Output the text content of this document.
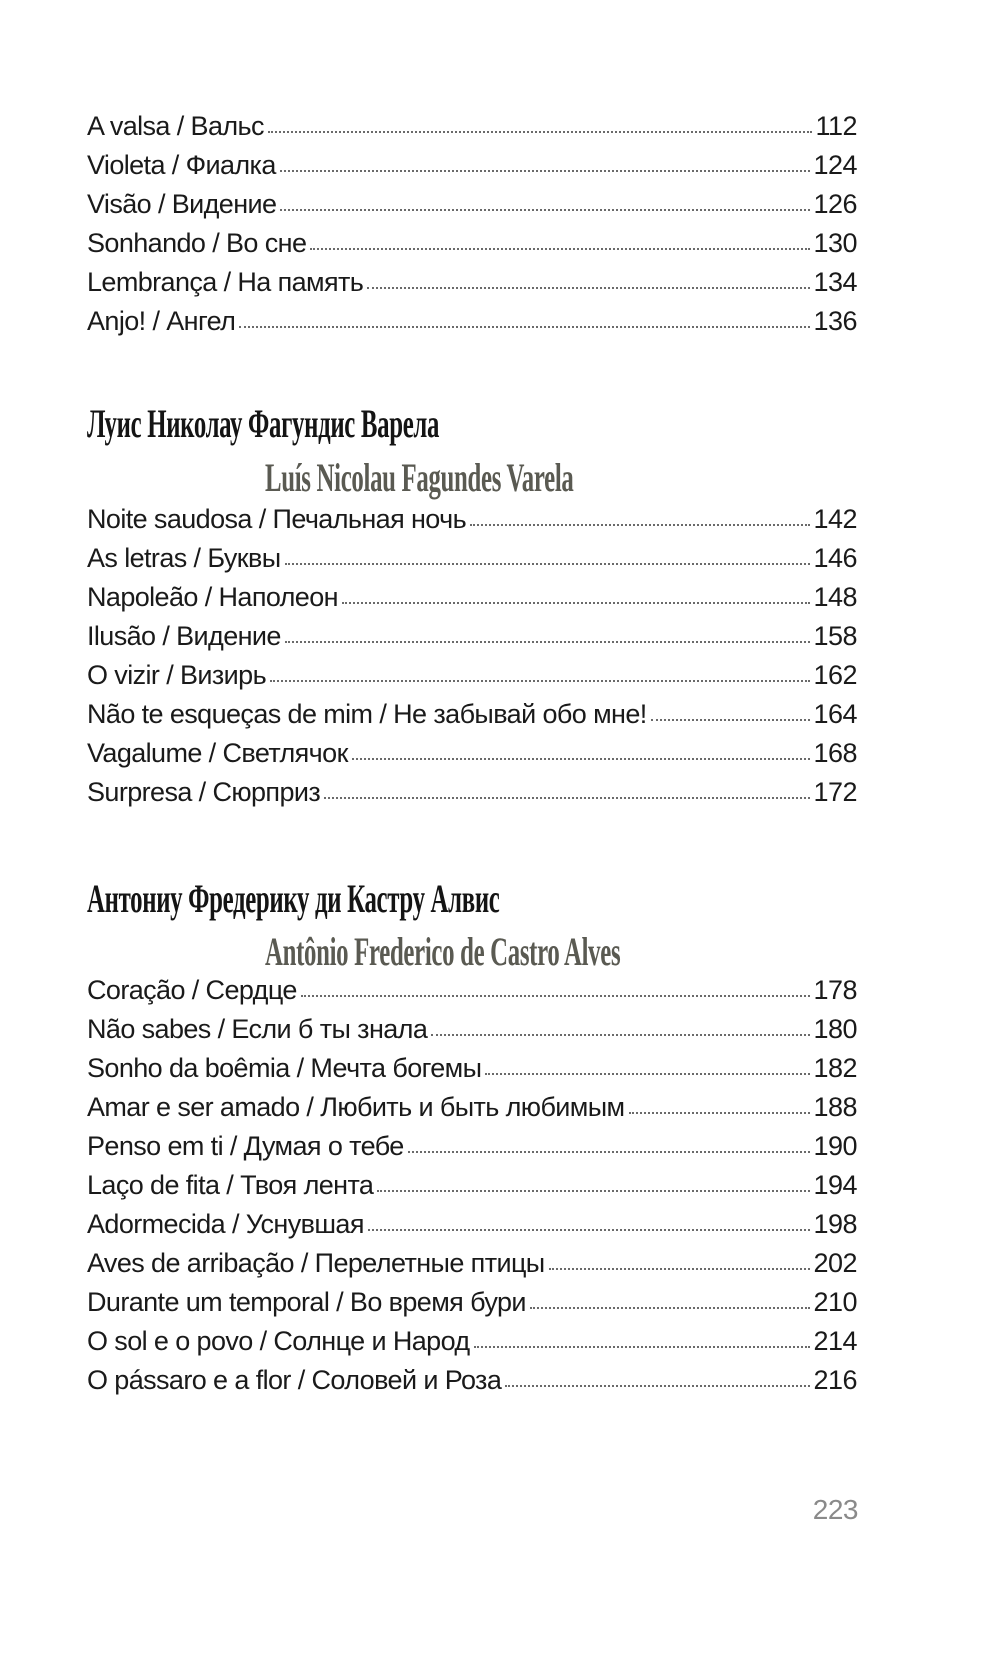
A valsa / Вальс	112
Violeta / Фиалка	124
Visão / Видение	126
Sonhando / Во сне	130
Lembrança / На память	134
Anjo! / Ангел	136
Луис Николау Фагундис Варела
Luís Nicolau Fagundes Varela
Noite saudosa / Печальная ночь	142
As letras / Буквы	146
Napoleão / Наполеон	148
Ilusão / Видение	158
O vizir / Визирь	162
Não te esqueças de mim / Не забывай обо мне!	164
Vagalume / Светлячок	168
Surpresa / Сюрприз	172
Антониу Фредерику ди Кастру Алвис
Antônio Frederico de Castro Alves
Coração / Сердце	178
Não sabes / Если б ты знала	180
Sonho da boêmia / Мечта богемы	182
Amar e ser amado / Любить и быть любимым	188
Penso em ti / Думая о тебе	190
Laço de fita / Твоя лента	194
Adormecida / Уснувшая	198
Aves de arribação / Перелетные птицы	202
Durante um temporal / Во время бури	210
O sol e o povo / Солнце и Народ	214
O pássaro e a flor / Соловей и Роза	216
223
